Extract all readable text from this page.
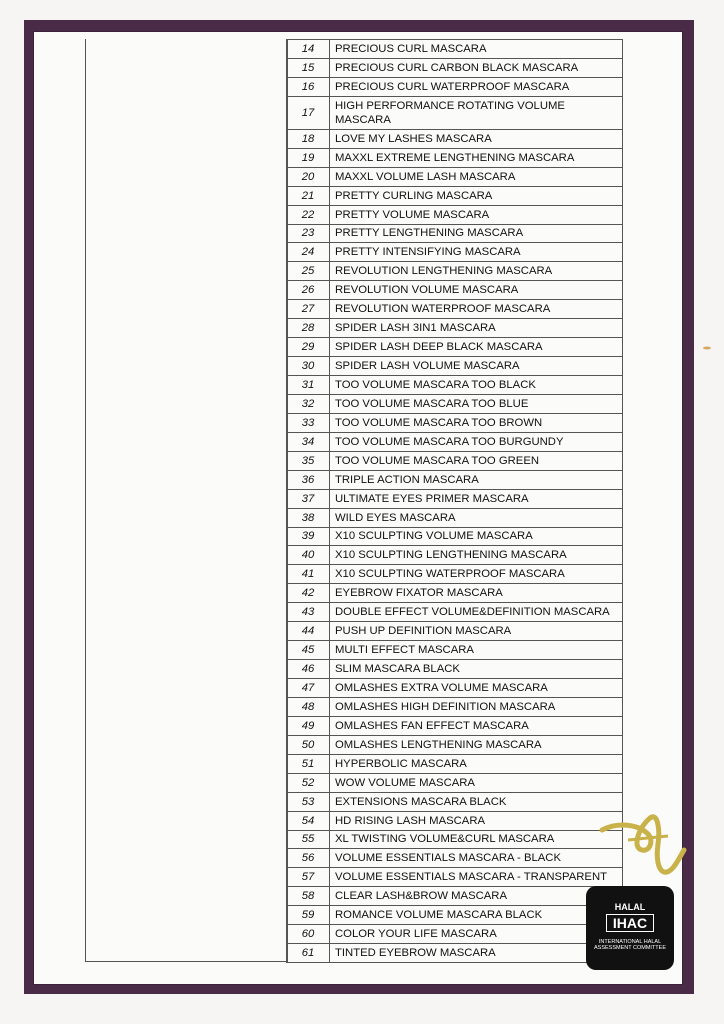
14	PRECIOUS CURL MASCARA
15	PRECIOUS CURL CARBON BLACK MASCARA
16	PRECIOUS CURL WATERPROOF MASCARA
17	HIGH PERFORMANCE ROTATING VOLUME MASCARA
18	LOVE MY LASHES MASCARA
19	MAXXL EXTREME LENGTHENING MASCARA
20	MAXXL VOLUME LASH MASCARA
21	PRETTY CURLING MASCARA
22	PRETTY VOLUME MASCARA
23	PRETTY LENGTHENING MASCARA
24	PRETTY INTENSIFYING MASCARA
25	REVOLUTION LENGTHENING MASCARA
26	REVOLUTION VOLUME MASCARA
27	REVOLUTION WATERPROOF MASCARA
28	SPIDER LASH 3IN1 MASCARA
29	SPIDER LASH DEEP BLACK MASCARA
30	SPIDER LASH VOLUME MASCARA
31	TOO VOLUME MASCARA TOO BLACK
32	TOO VOLUME MASCARA TOO BLUE
33	TOO VOLUME MASCARA TOO BROWN
34	TOO VOLUME MASCARA TOO BURGUNDY
35	TOO VOLUME MASCARA TOO GREEN
36	TRIPLE ACTION MASCARA
37	ULTIMATE EYES PRIMER MASCARA
38	WILD EYES MASCARA
39	X10 SCULPTING VOLUME MASCARA
40	X10 SCULPTING LENGTHENING MASCARA
41	X10 SCULPTING WATERPROOF MASCARA
42	EYEBROW FIXATOR MASCARA
43	DOUBLE EFFECT VOLUME&DEFINITION MASCARA
44	PUSH UP DEFINITION MASCARA
45	MULTI EFFECT MASCARA
46	SLIM MASCARA BLACK
47	OMLASHES EXTRA VOLUME MASCARA
48	OMLASHES HIGH DEFINITION MASCARA
49	OMLASHES FAN EFFECT MASCARA
50	OMLASHES LENGTHENING MASCARA
51	HYPERBOLIC MASCARA
52	WOW VOLUME MASCARA
53	EXTENSIONS MASCARA BLACK
54	HD RISING LASH MASCARA
55	XL TWISTING VOLUME&CURL MASCARA
56	VOLUME ESSENTIALS MASCARA - BLACK
57	VOLUME ESSENTIALS MASCARA - TRANSPARENT
58	CLEAR LASH&BROW MASCARA
59	ROMANCE VOLUME MASCARA BLACK
60	COLOR YOUR LIFE MASCARA
61	TINTED EYEBROW MASCARA
HALAL
IHAC
INTERNATIONAL HALAL
ASSESSMENT COMMITTEE
